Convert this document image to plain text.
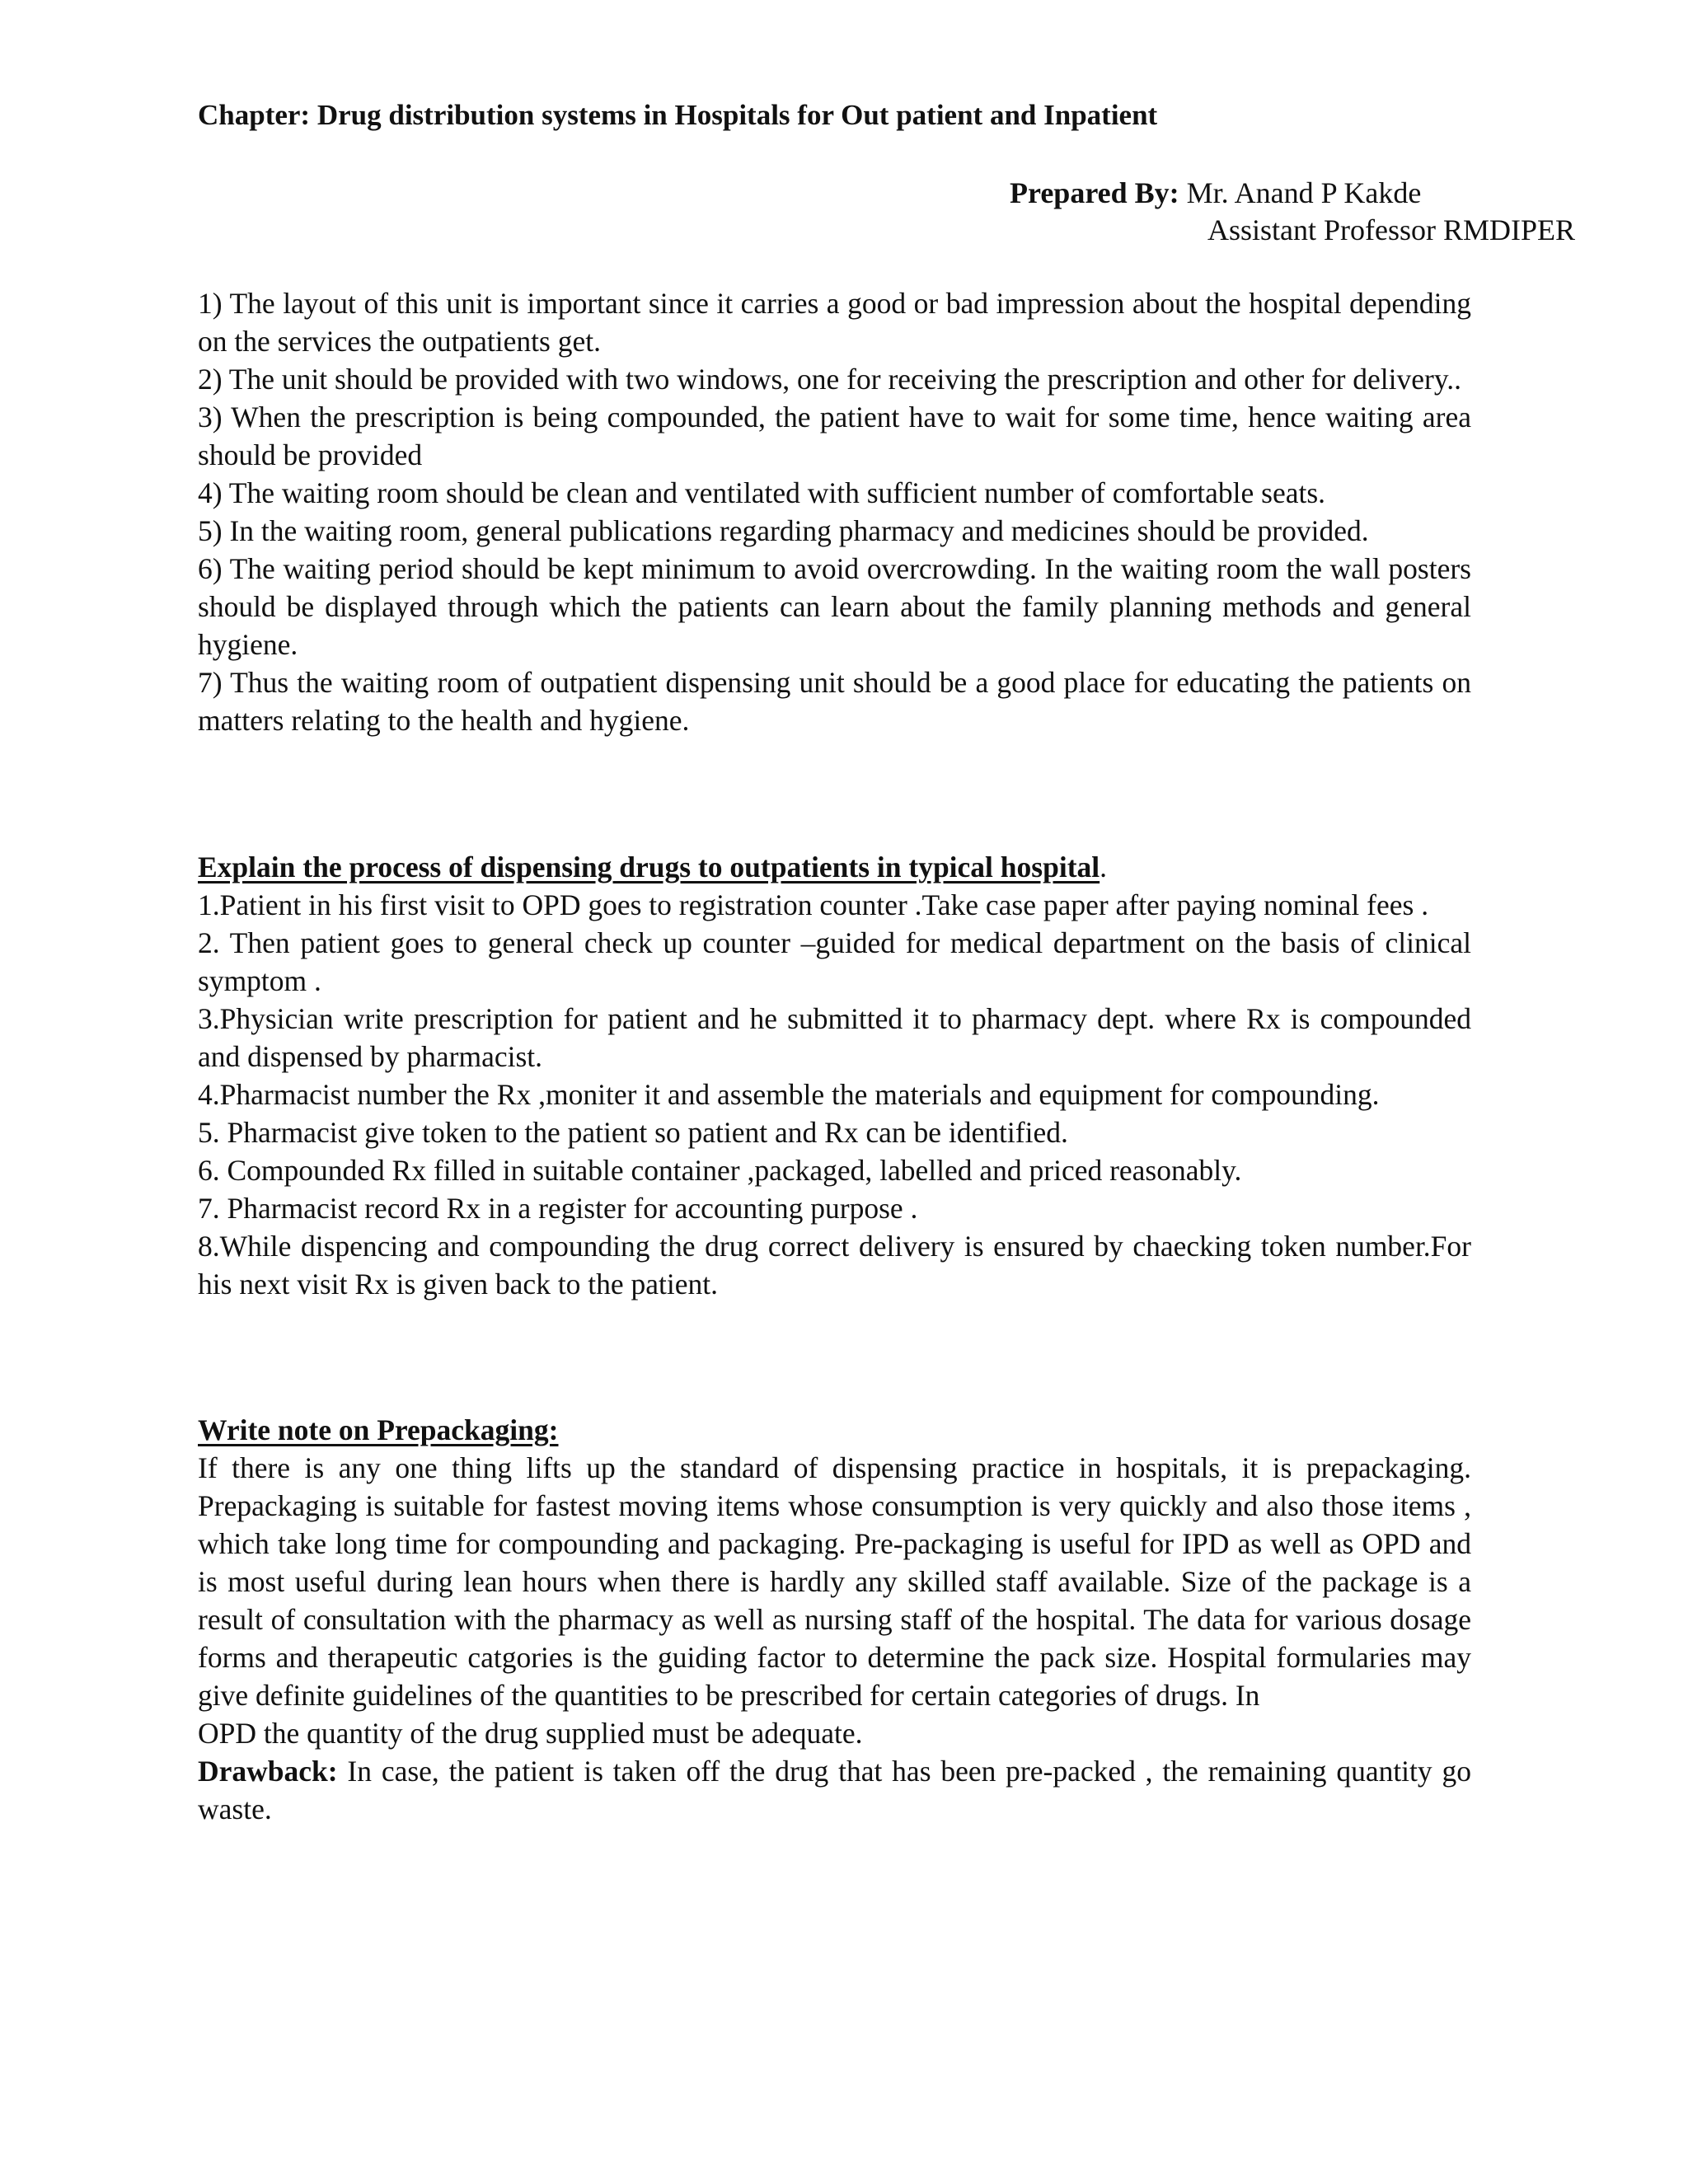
Chapter: Drug distribution systems in Hospitals for Out patient and Inpatient
Prepared By: Mr. Anand P Kakde
Assistant Professor RMDIPER

1) The layout of this unit is important since it carries a good or bad impression about the hospital depending on the services the outpatients get.

2) The unit should be provided with two windows, one for receiving the prescription and other for delivery..

3) When the prescription is being compounded, the patient have to wait for some time, hence waiting area should be provided

4) The waiting room should be clean and ventilated with sufficient number of comfortable seats.

5) In the waiting room, general publications regarding pharmacy and medicines should be provided.

6) The waiting period should be kept minimum to avoid overcrowding. In the waiting room the wall posters should be displayed through which the patients can learn about the family planning methods and general hygiene.

7) Thus the waiting room of outpatient dispensing unit should be a good place for educating the patients on matters relating to the health and hygiene.

Explain the process of dispensing drugs to outpatients in typical hospital.

1.Patient in his first visit to OPD goes to registration counter .Take case paper after paying nominal fees .

2. Then patient goes to general check up counter –guided for medical department on the basis of clinical symptom .

3.Physician write prescription for patient and he submitted it to pharmacy dept. where Rx is compounded and dispensed by pharmacist.

4.Pharmacist number the Rx ,moniter it and assemble the materials and equipment for compounding.

5. Pharmacist give token to the patient so patient and Rx can be identified.

6. Compounded Rx filled in suitable container ,packaged, labelled and priced reasonably.

7. Pharmacist record Rx in a register for accounting purpose .

8.While dispencing and compounding the drug correct delivery is ensured by chaecking token number.For his next visit Rx is given back to the patient.

Write note on Prepackaging:

If there is any one thing lifts up the standard of dispensing practice in hospitals, it is prepackaging. Prepackaging is suitable for fastest moving items whose consumption is very quickly and also those items , which take long time for compounding and packaging. Pre-packaging is useful for IPD as well as OPD and is most useful during lean hours when there is hardly any skilled staff available. Size of the package is a result of consultation with the pharmacy as well as nursing staff of the hospital. The data for various dosage forms and therapeutic catgories is the guiding factor to determine the pack size. Hospital formularies may give definite guidelines of the quantities to be prescribed for certain categories of drugs. In

OPD the quantity of the drug supplied must be adequate.

Drawback: In case, the patient is taken off the drug that has been pre-packed , the remaining quantity go waste.
